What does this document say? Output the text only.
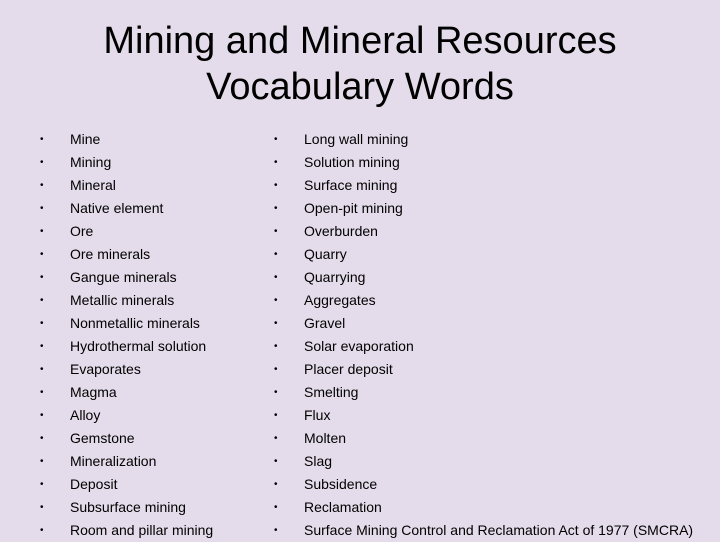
Mining and Mineral Resources
Vocabulary Words
•	Mine
•	Mining
•	Mineral
•	Native element
•	Ore
•	Ore minerals
•	Gangue minerals
•	Metallic minerals
•	Nonmetallic minerals
•	Hydrothermal solution
•	Evaporates
•	Magma
•	Alloy
•	Gemstone
•	Mineralization
•	Deposit
•	Subsurface mining
•	Room and pillar mining
•	Long wall mining
•	Solution mining
•	Surface mining
•	Open-pit mining
•	Overburden
•	Quarry
•	Quarrying
•	Aggregates
•	Gravel
•	Solar evaporation
•	Placer deposit
•	Smelting
•	Flux
•	Molten
•	Slag
•	Subsidence
•	Reclamation
•	Surface Mining Control and Reclamation Act of 1977 (SMCRA)
